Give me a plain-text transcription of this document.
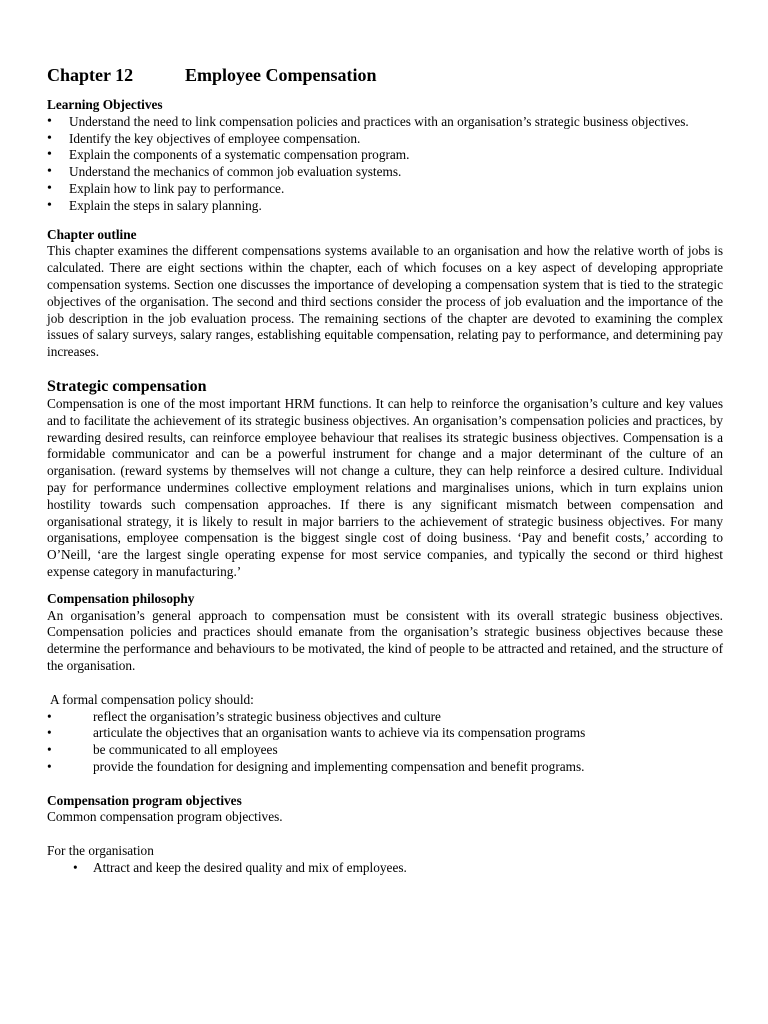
Chapter 12	Employee Compensation
Learning Objectives
• Understand the need to link compensation policies and practices with an organisation’s strategic business objectives.
• Identify the key objectives of employee compensation.
• Explain the components of a systematic compensation program.
• Understand the mechanics of common job evaluation systems.
• Explain how to link pay to performance.
• Explain the steps in salary planning.
Chapter outline

This chapter examines the different compensations systems available to an organisation and how the relative worth of jobs is calculated. There are eight sections within the chapter, each of which focuses on a key aspect of developing appropriate compensation systems. Section one discusses the importance of developing a compensation system that is tied to the strategic objectives of the organisation. The second and third sections consider the process of job evaluation and the importance of the job description in the job evaluation process. The remaining sections of the chapter are devoted to examining the complex issues of salary surveys, salary ranges, establishing equitable compensation, relating pay to performance, and determining pay increases.

Strategic compensation

Compensation is one of the most important HRM functions. It can help to reinforce the organisation’s culture and key values and to facilitate the achievement of its strategic business objectives. An organisation’s compensation policies and practices, by rewarding desired results, can reinforce employee behaviour that realises its strategic business objectives. Compensation is a formidable communicator and can be a powerful instrument for change and a major determinant of the culture of an organisation. (reward systems by themselves will not change a culture, they can help reinforce a desired culture. Individual pay for performance undermines collective employment relations and marginalises unions, which in turn explains union hostility towards such compensation approaches. If there is any significant mismatch between compensation and organisational strategy, it is likely to result in major barriers to the achievement of strategic business objectives. For many organisations, employee compensation is the biggest single cost of doing business. ‘Pay and benefit costs,’ according to O’Neill, ‘are the largest single operating expense for most service companies, and typically the second or third highest expense category in manufacturing.’

Compensation philosophy

An organisation’s general approach to compensation must be consistent with its overall strategic business objectives. Compensation policies and practices should emanate from the organisation’s strategic business objectives because these determine the performance and behaviours to be motivated, the kind of people to be attracted and retained, and the structure of the organisation.

A formal compensation policy should:

• reflect the organisation’s strategic business objectives and culture
• articulate the objectives that an organisation wants to achieve via its compensation programs
• be communicated to all employees
• provide the foundation for designing and implementing compensation and benefit programs.
Compensation program objectives

Common compensation program objectives.

For the organisation

• Attract and keep the desired quality and mix of employees.
